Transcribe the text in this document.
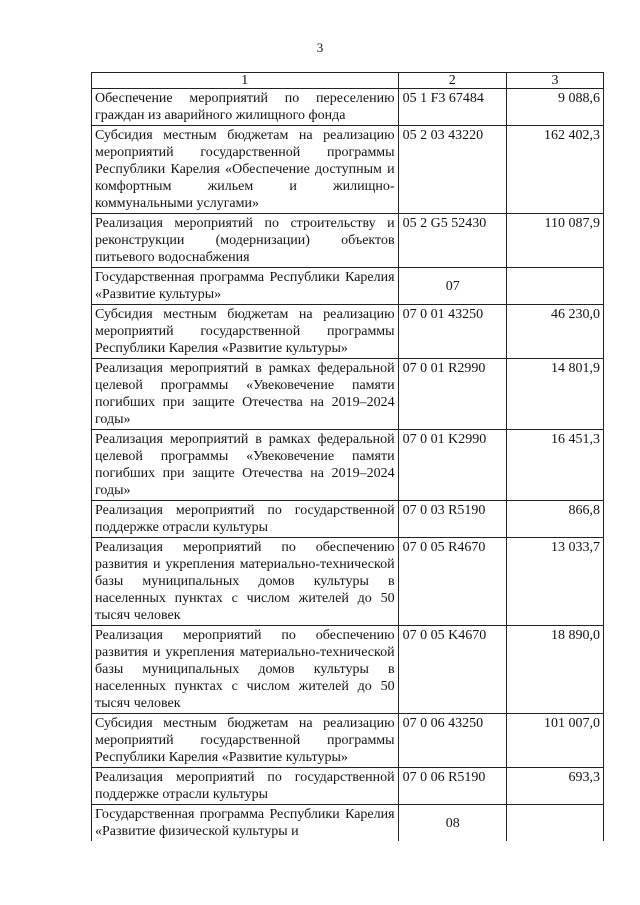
3
1	2	3
Обеспечение мероприятий по переселению граждан из аварийного жилищного фонда	05 1 F3 67484	9 088,6
Субсидия местным бюджетам на реализацию мероприятий государственной программы Республики Карелия «Обеспечение доступным и комфортным жильем и жилищно-коммунальными услугами»	05 2 03 43220	162 402,3
Реализация мероприятий по строительству и реконструкции (модернизации) объектов питьевого водоснабжения	05 2 G5 52430	110 087,9
Государственная программа Республики Карелия «Развитие культуры»	07	
Субсидия местным бюджетам на реализацию мероприятий государственной программы Республики Карелия «Развитие культуры»	07 0 01 43250	46 230,0
Реализация мероприятий в рамках федеральной целевой программы «Увековечение памяти погибших при защите Отечества на 2019–2024 годы»	07 0 01 R2990	14 801,9
Реализация мероприятий в рамках федеральной целевой программы «Увековечение памяти погибших при защите Отечества на 2019–2024 годы»	07 0 01 K2990	16 451,3
Реализация мероприятий по государственной поддержке отрасли культуры	07 0 03 R5190	866,8
Реализация мероприятий по обеспечению развития и укрепления материально-технической базы муниципальных домов культуры в населенных пунктах с числом жителей до 50 тысяч человек	07 0 05 R4670	13 033,7
Реализация мероприятий по обеспечению развития и укрепления материально-технической базы муниципальных домов культуры в населенных пунктах с числом жителей до 50 тысяч человек	07 0 05 K4670	18 890,0
Субсидия местным бюджетам на реализацию мероприятий государственной программы Республики Карелия «Развитие культуры»	07 0 06 43250	101 007,0
Реализация мероприятий по государственной поддержке отрасли культуры	07 0 06 R5190	693,3
Государственная программа Республики Карелия «Развитие физической культуры и	08	
